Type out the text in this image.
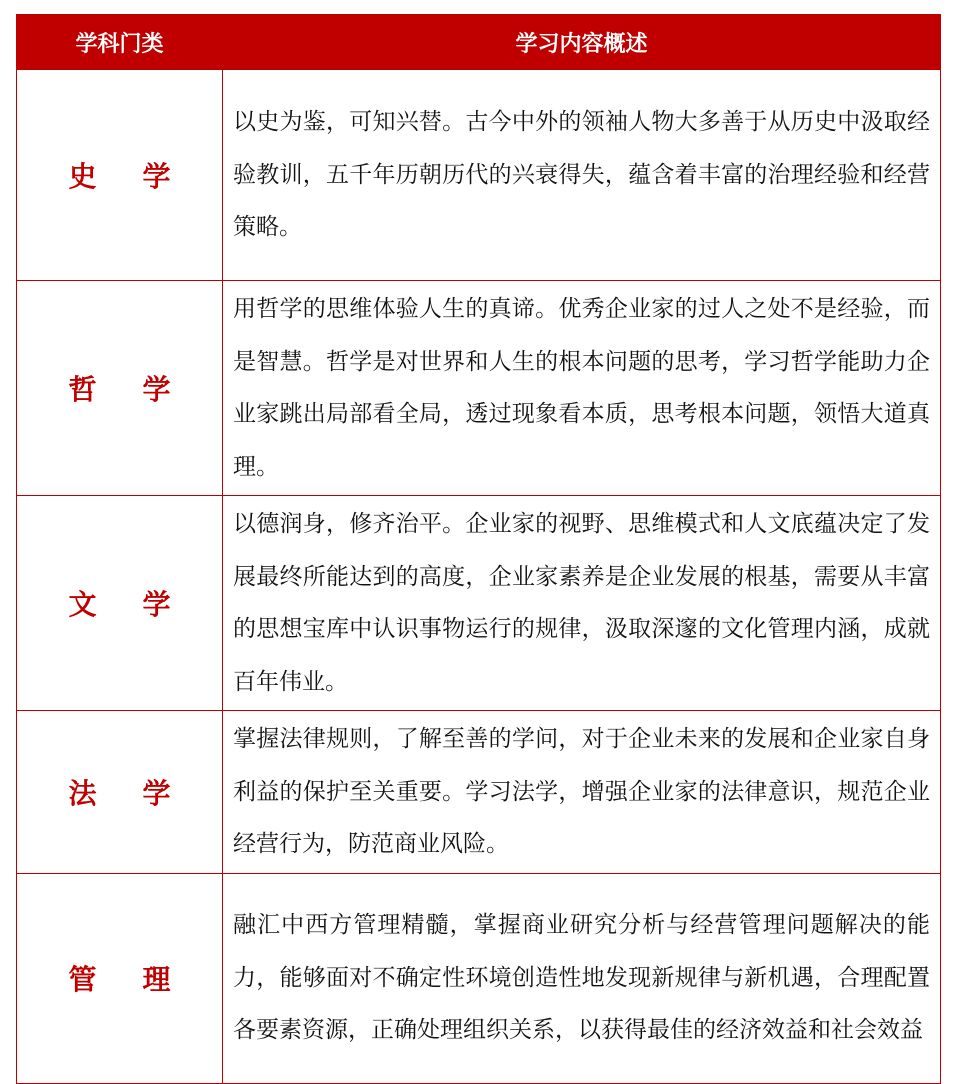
学科门类	学习内容概述
史学	以史为鉴，可知兴替。古今中外的领袖人物大多善于从历史中汲取经验教训，五千年历朝历代的兴衰得失，蕴含着丰富的治理经验和经营策略。
哲学	用哲学的思维体验人生的真谛。优秀企业家的过人之处不是经验，而是智慧。哲学是对世界和人生的根本问题的思考，学习哲学能助力企业家跳出局部看全局，透过现象看本质，思考根本问题，领悟大道真理。
文学	以德润身，修齐治平。企业家的视野、思维模式和人文底蕴决定了发展最终所能达到的高度，企业家素养是企业发展的根基，需要从丰富的思想宝库中认识事物运行的规律，汲取深邃的文化管理内涵，成就百年伟业。
法学	掌握法律规则，了解至善的学问，对于企业未来的发展和企业家自身利益的保护至关重要。学习法学，增强企业家的法律意识，规范企业经营行为，防范商业风险。
管理	融汇中西方管理精髓，掌握商业研究分析与经营管理问题解决的能力，能够面对不确定性环境创造性地发现新规律与新机遇，合理配置各要素资源，正确处理组织关系，以获得最佳的经济效益和社会效益
